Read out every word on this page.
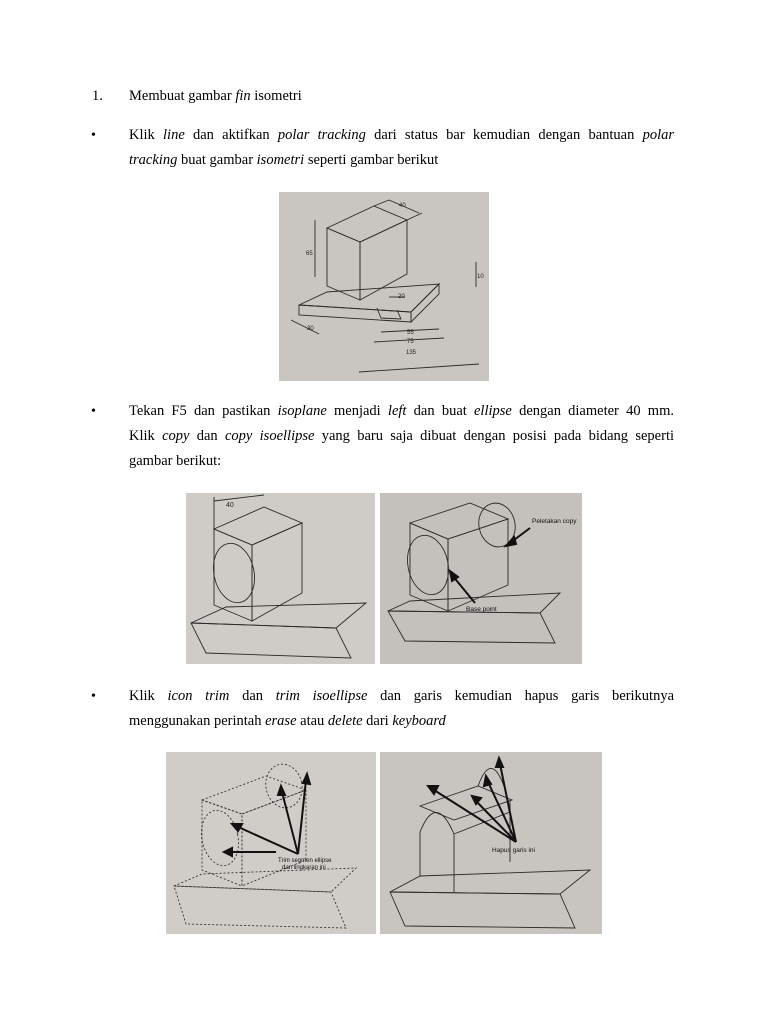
1. Membuat gambar fin isometri
• Klik line dan aktifkan polar tracking dari status bar kemudian dengan bantuan polar
tracking buat gambar isometri seperti gambar berikut
40
65
10
30
20
55
75
135
• Tekan F5 dan pastikan isoplane menjadi left dan buat ellipse dengan diameter 40 mm.
Klik copy dan copy isoellipse yang baru saja dibuat dengan posisi pada bidang seperti
gambar berikut:
40
Peletakan copy
Base point
• Klik icon trim dan trim isoellipse dan garis kemudian hapus garis berikutnya
menggunakan perintah erase atau delete dari keyboard
Trim segmen ellipse
dan lingkaran ini
Hapus garis ini
